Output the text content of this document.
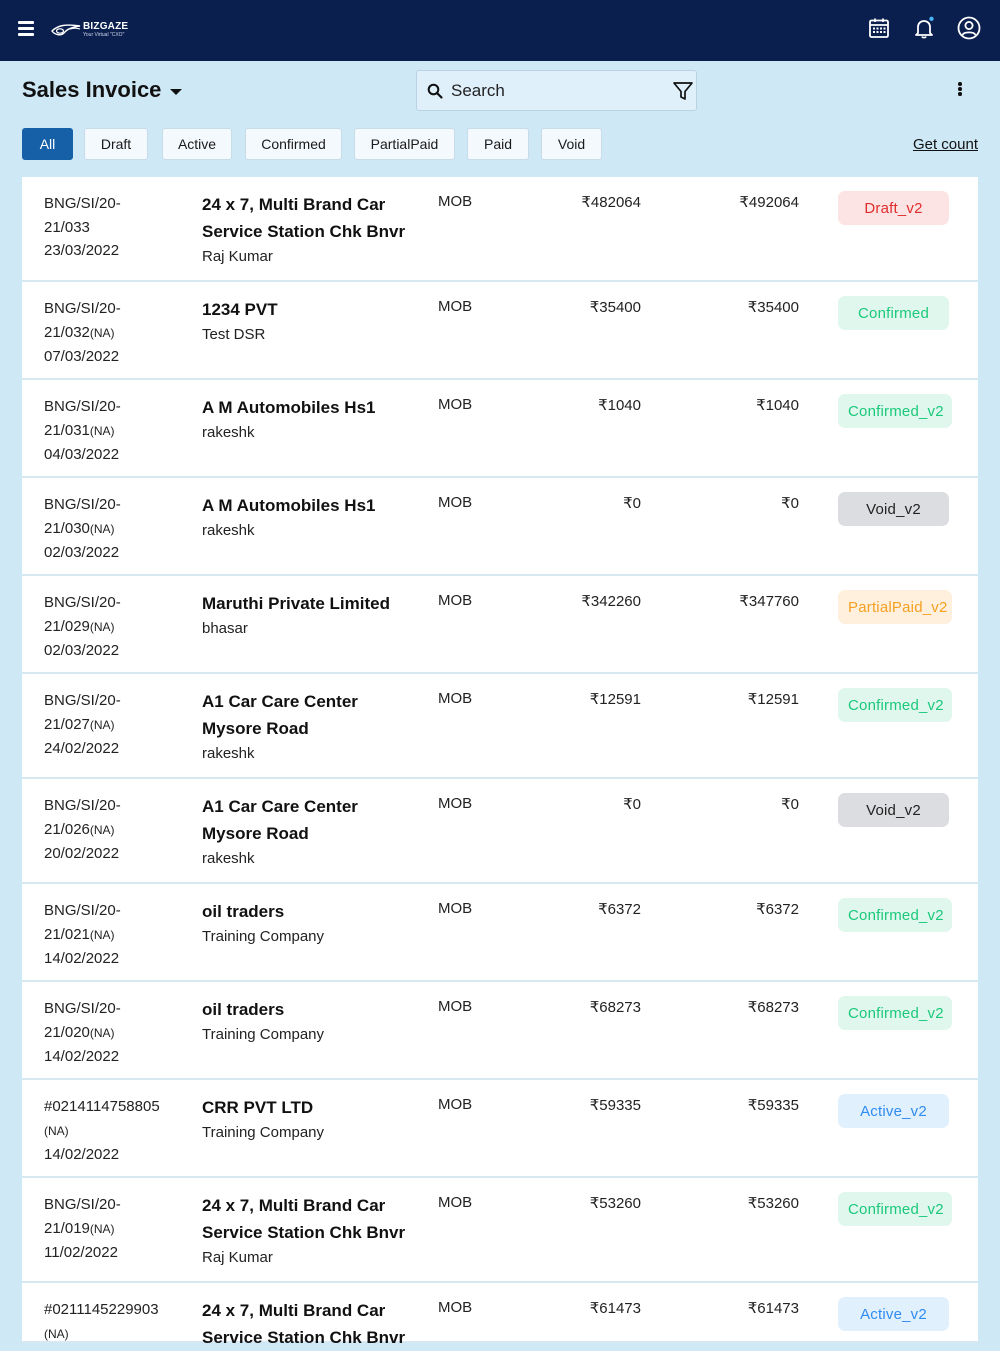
BIZGAZE
Your Virtual "CXO"
Sales Invoice
Search
All	Draft	Active	Confirmed	PartialPaid	Paid	Void	Get count
BNG/SI/20-
21/033
23/03/2022
24 x 7, Multi Brand Car
Service Station Chk Bnvr
Raj Kumar
MOB	₹482064	₹492064	Draft_v2
BNG/SI/20-
21/032(NA)
07/03/2022
1234 PVT
Test DSR
MOB	₹35400	₹35400	Confirmed
BNG/SI/20-
21/031(NA)
04/03/2022
A M Automobiles Hs1
rakeshk
MOB	₹1040	₹1040	Confirmed_v2
BNG/SI/20-
21/030(NA)
02/03/2022
A M Automobiles Hs1
rakeshk
MOB	₹0	₹0	Void_v2
BNG/SI/20-
21/029(NA)
02/03/2022
Maruthi Private Limited
bhasar
MOB	₹342260	₹347760	PartialPaid_v2
BNG/SI/20-
21/027(NA)
24/02/2022
A1 Car Care Center
Mysore Road
rakeshk
MOB	₹12591	₹12591	Confirmed_v2
BNG/SI/20-
21/026(NA)
20/02/2022
A1 Car Care Center
Mysore Road
rakeshk
MOB	₹0	₹0	Void_v2
BNG/SI/20-
21/021(NA)
14/02/2022
oil traders
Training Company
MOB	₹6372	₹6372	Confirmed_v2
BNG/SI/20-
21/020(NA)
14/02/2022
oil traders
Training Company
MOB	₹68273	₹68273	Confirmed_v2
#0214114758805
(NA)
14/02/2022
CRR PVT LTD
Training Company
MOB	₹59335	₹59335	Active_v2
BNG/SI/20-
21/019(NA)
11/02/2022
24 x 7, Multi Brand Car
Service Station Chk Bnvr
Raj Kumar
MOB	₹53260	₹53260	Confirmed_v2
#0211145229903
(NA)
24 x 7, Multi Brand Car
Service Station Chk Bnvr
MOB	₹61473	₹61473	Active_v2
